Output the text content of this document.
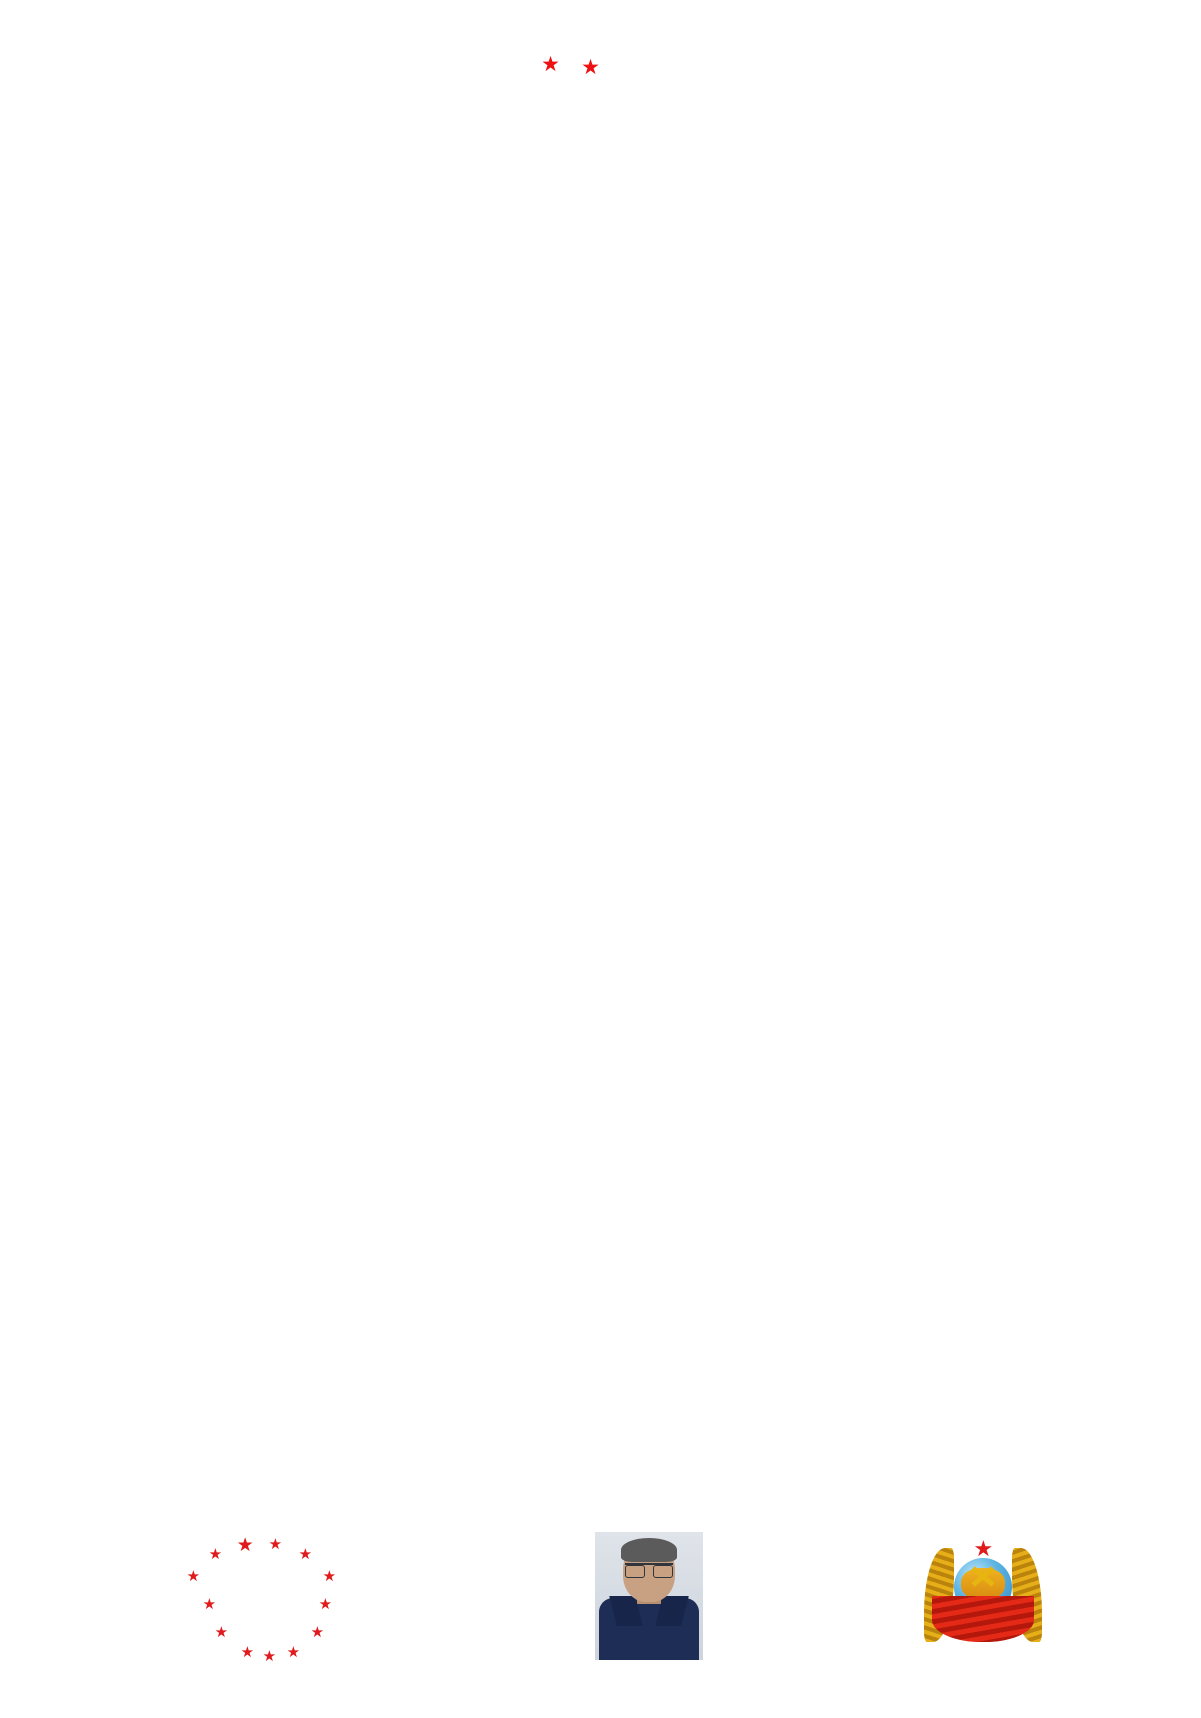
★	★

★
★ ★ ★
★
★
★	★
★	★
★ ★ ★
★
